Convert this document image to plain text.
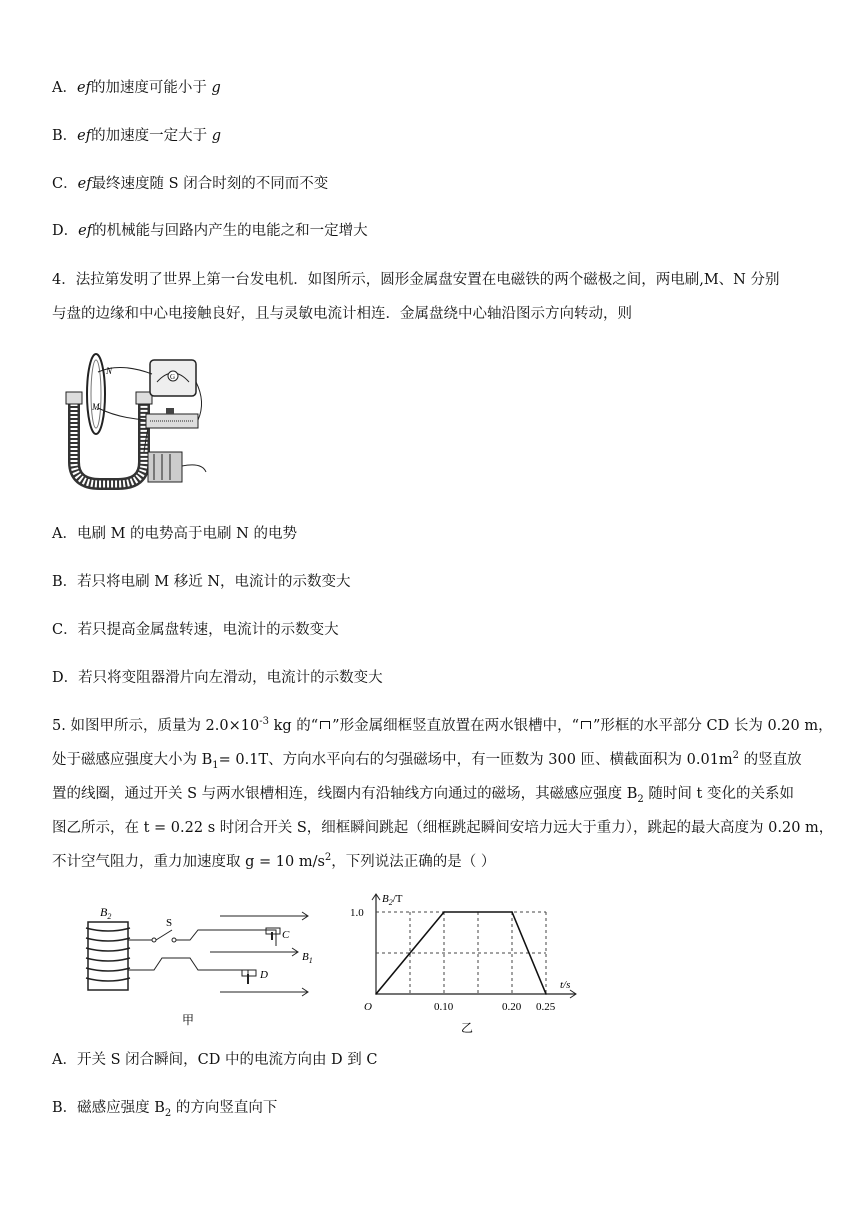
A．ef的加速度可能小于 g
B．ef的加速度一定大于 g
C．ef最终速度随 S 闭合时刻的不同而不变
D．ef的机械能与回路内产生的电能之和一定增大
4．法拉第发明了世界上第一台发电机．如图所示，圆形金属盘安置在电磁铁的两个磁极之间，两电刷,M、N 分别
与盘的边缘和中心电接触良好，且与灵敏电流计相连．金属盘绕中心轴沿图示方向转动，则
G
N
M
A．电刷 M 的电势高于电刷 N 的电势
B．若只将电刷 M 移近 N，电流计的示数变大
C．若只提高金属盘转速，电流计的示数变大
D．若只将变阻器滑片向左滑动，电流计的示数变大
5. 如图甲所示，质量为 $2.0\times 10^{-3}$ kg 的“ ”形金属细框竖直放置在两水银槽中，“ ”形框的水平部分 CD 长为 0.20 m，
处于磁感应强度大小为 $B_1= 0.1T$、方向水平向右的匀强磁场中，有一匝数为 300 匝、横截面积为 $0.01m^2$ 的竖直放
置的线圈，通过开关 S 与两水银槽相连，线圈内有沿轴线方向通过的磁场，其磁感应强度 $B_2$ 随时间 t 变化的关系如
图乙所示，在 t = 0.22 s 时闭合开关 S，细框瞬间跳起（细框跳起瞬间安培力远大于重力），跳起的最大高度为 0.20 m，
不计空气阻力，重力加速度取 g = 10 $m/s^2$，下列说法正确的是（ ）
$B_2$
S
C
D
$B_1$
甲
0.10	0.20 0.25
1.0
O
t/s
$B_2/T$
乙
A．开关 S 闭合瞬间，CD 中的电流方向由 D 到 C
B．磁感应强度 $B_2$ 的方向竖直向下
